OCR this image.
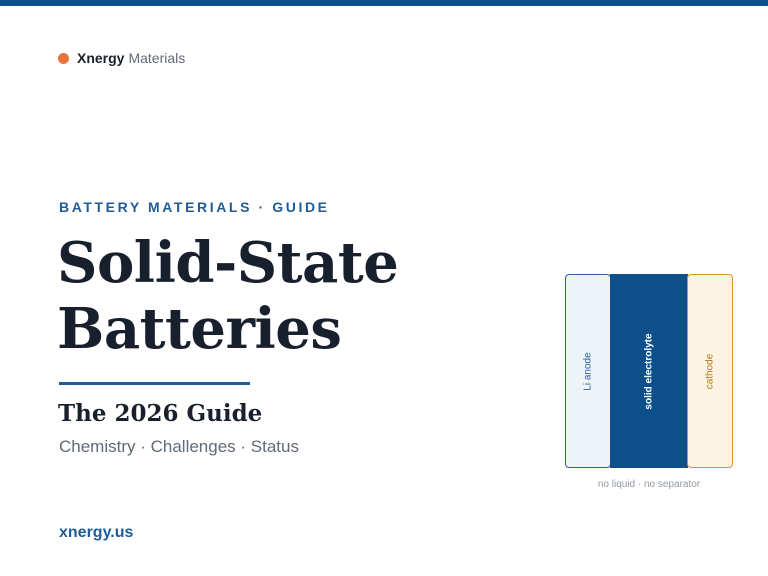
Xnergy Materials
BATTERY MATERIALS · GUIDE
Solid-State
Batteries
The 2026 Guide
Chemistry · Challenges · Status
xnergy.us
Li anode	solid electrolyte	cathode
no liquid · no separator
